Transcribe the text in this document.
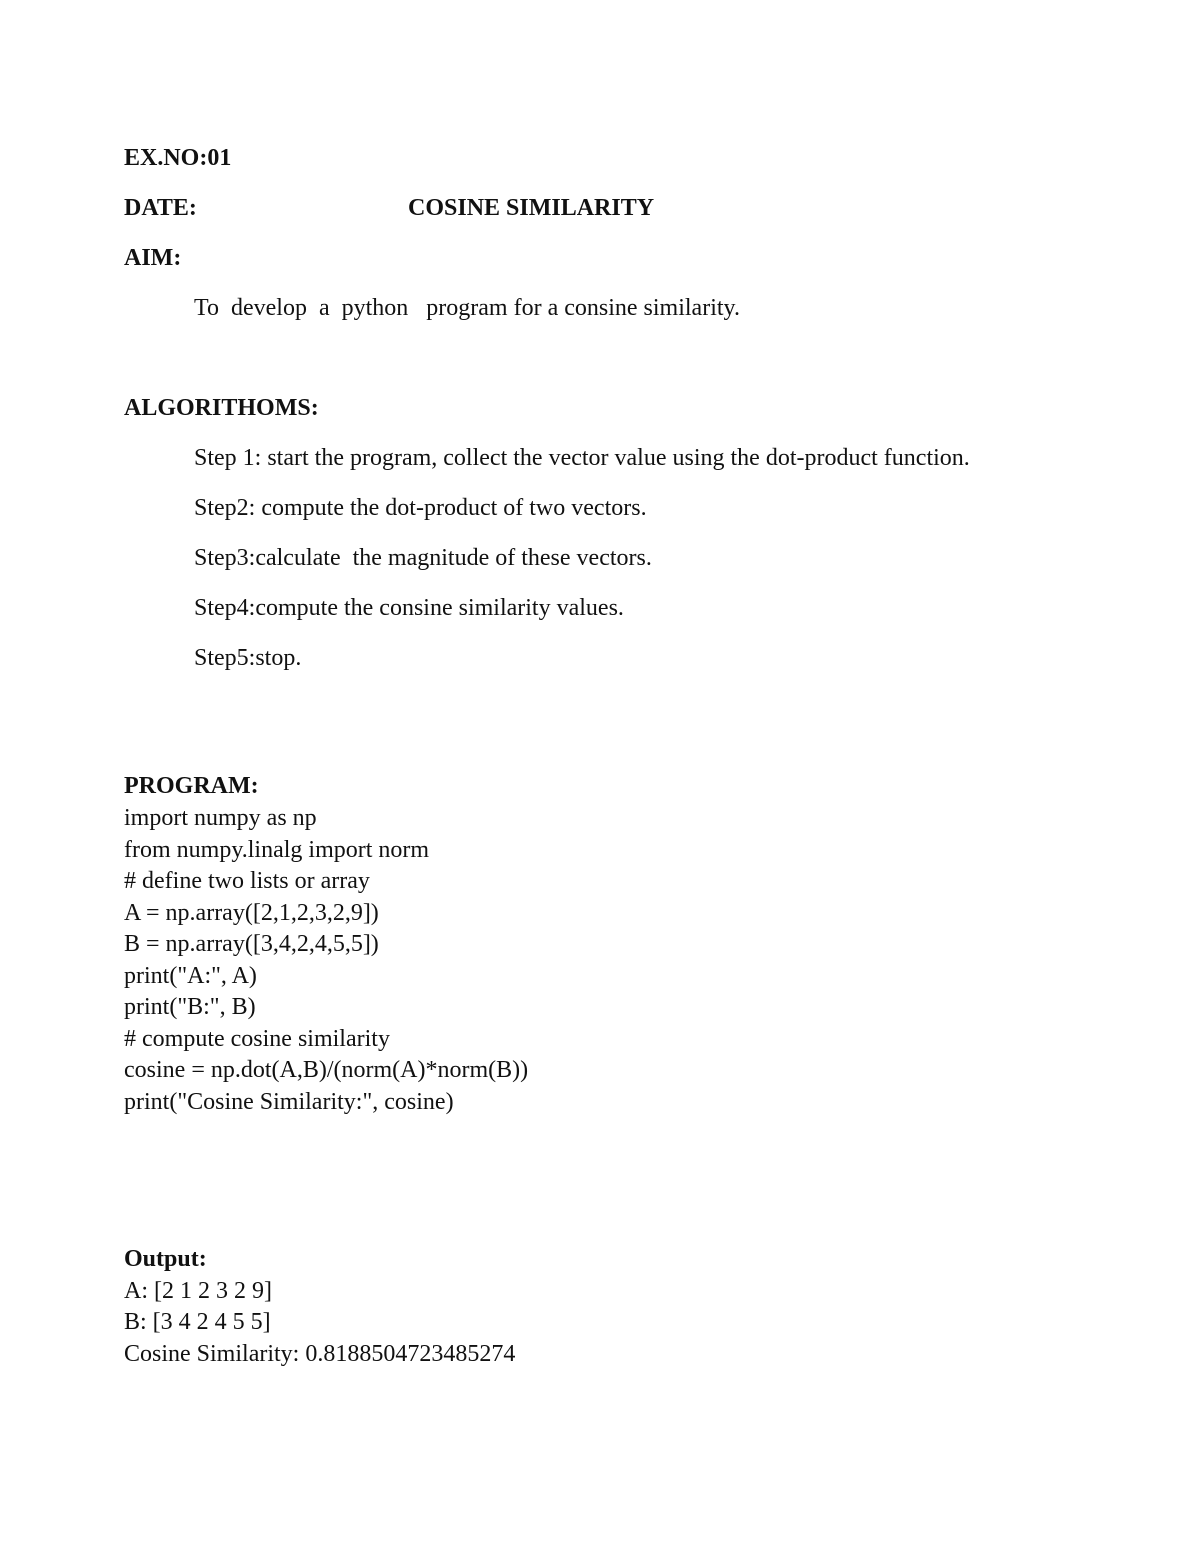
EX.NO:01
DATE:	COSINE SIMILARITY
AIM:
To  develop  a  python   program for a consine similarity.
ALGORITHOMS:
Step 1: start the program, collect the vector value using the dot-product function.
Step2: compute the dot-product of two vectors.
Step3:calculate  the magnitude of these vectors.
Step4:compute the consine similarity values.
Step5:stop.
PROGRAM:
import numpy as np
from numpy.linalg import norm
# define two lists or array
A = np.array([2,1,2,3,2,9])
B = np.array([3,4,2,4,5,5])
print("A:", A)
print("B:", B)
# compute cosine similarity
cosine = np.dot(A,B)/(norm(A)*norm(B))
print("Cosine Similarity:", cosine)
Output:
A: [2 1 2 3 2 9]
B: [3 4 2 4 5 5]
Cosine Similarity: 0.8188504723485274
